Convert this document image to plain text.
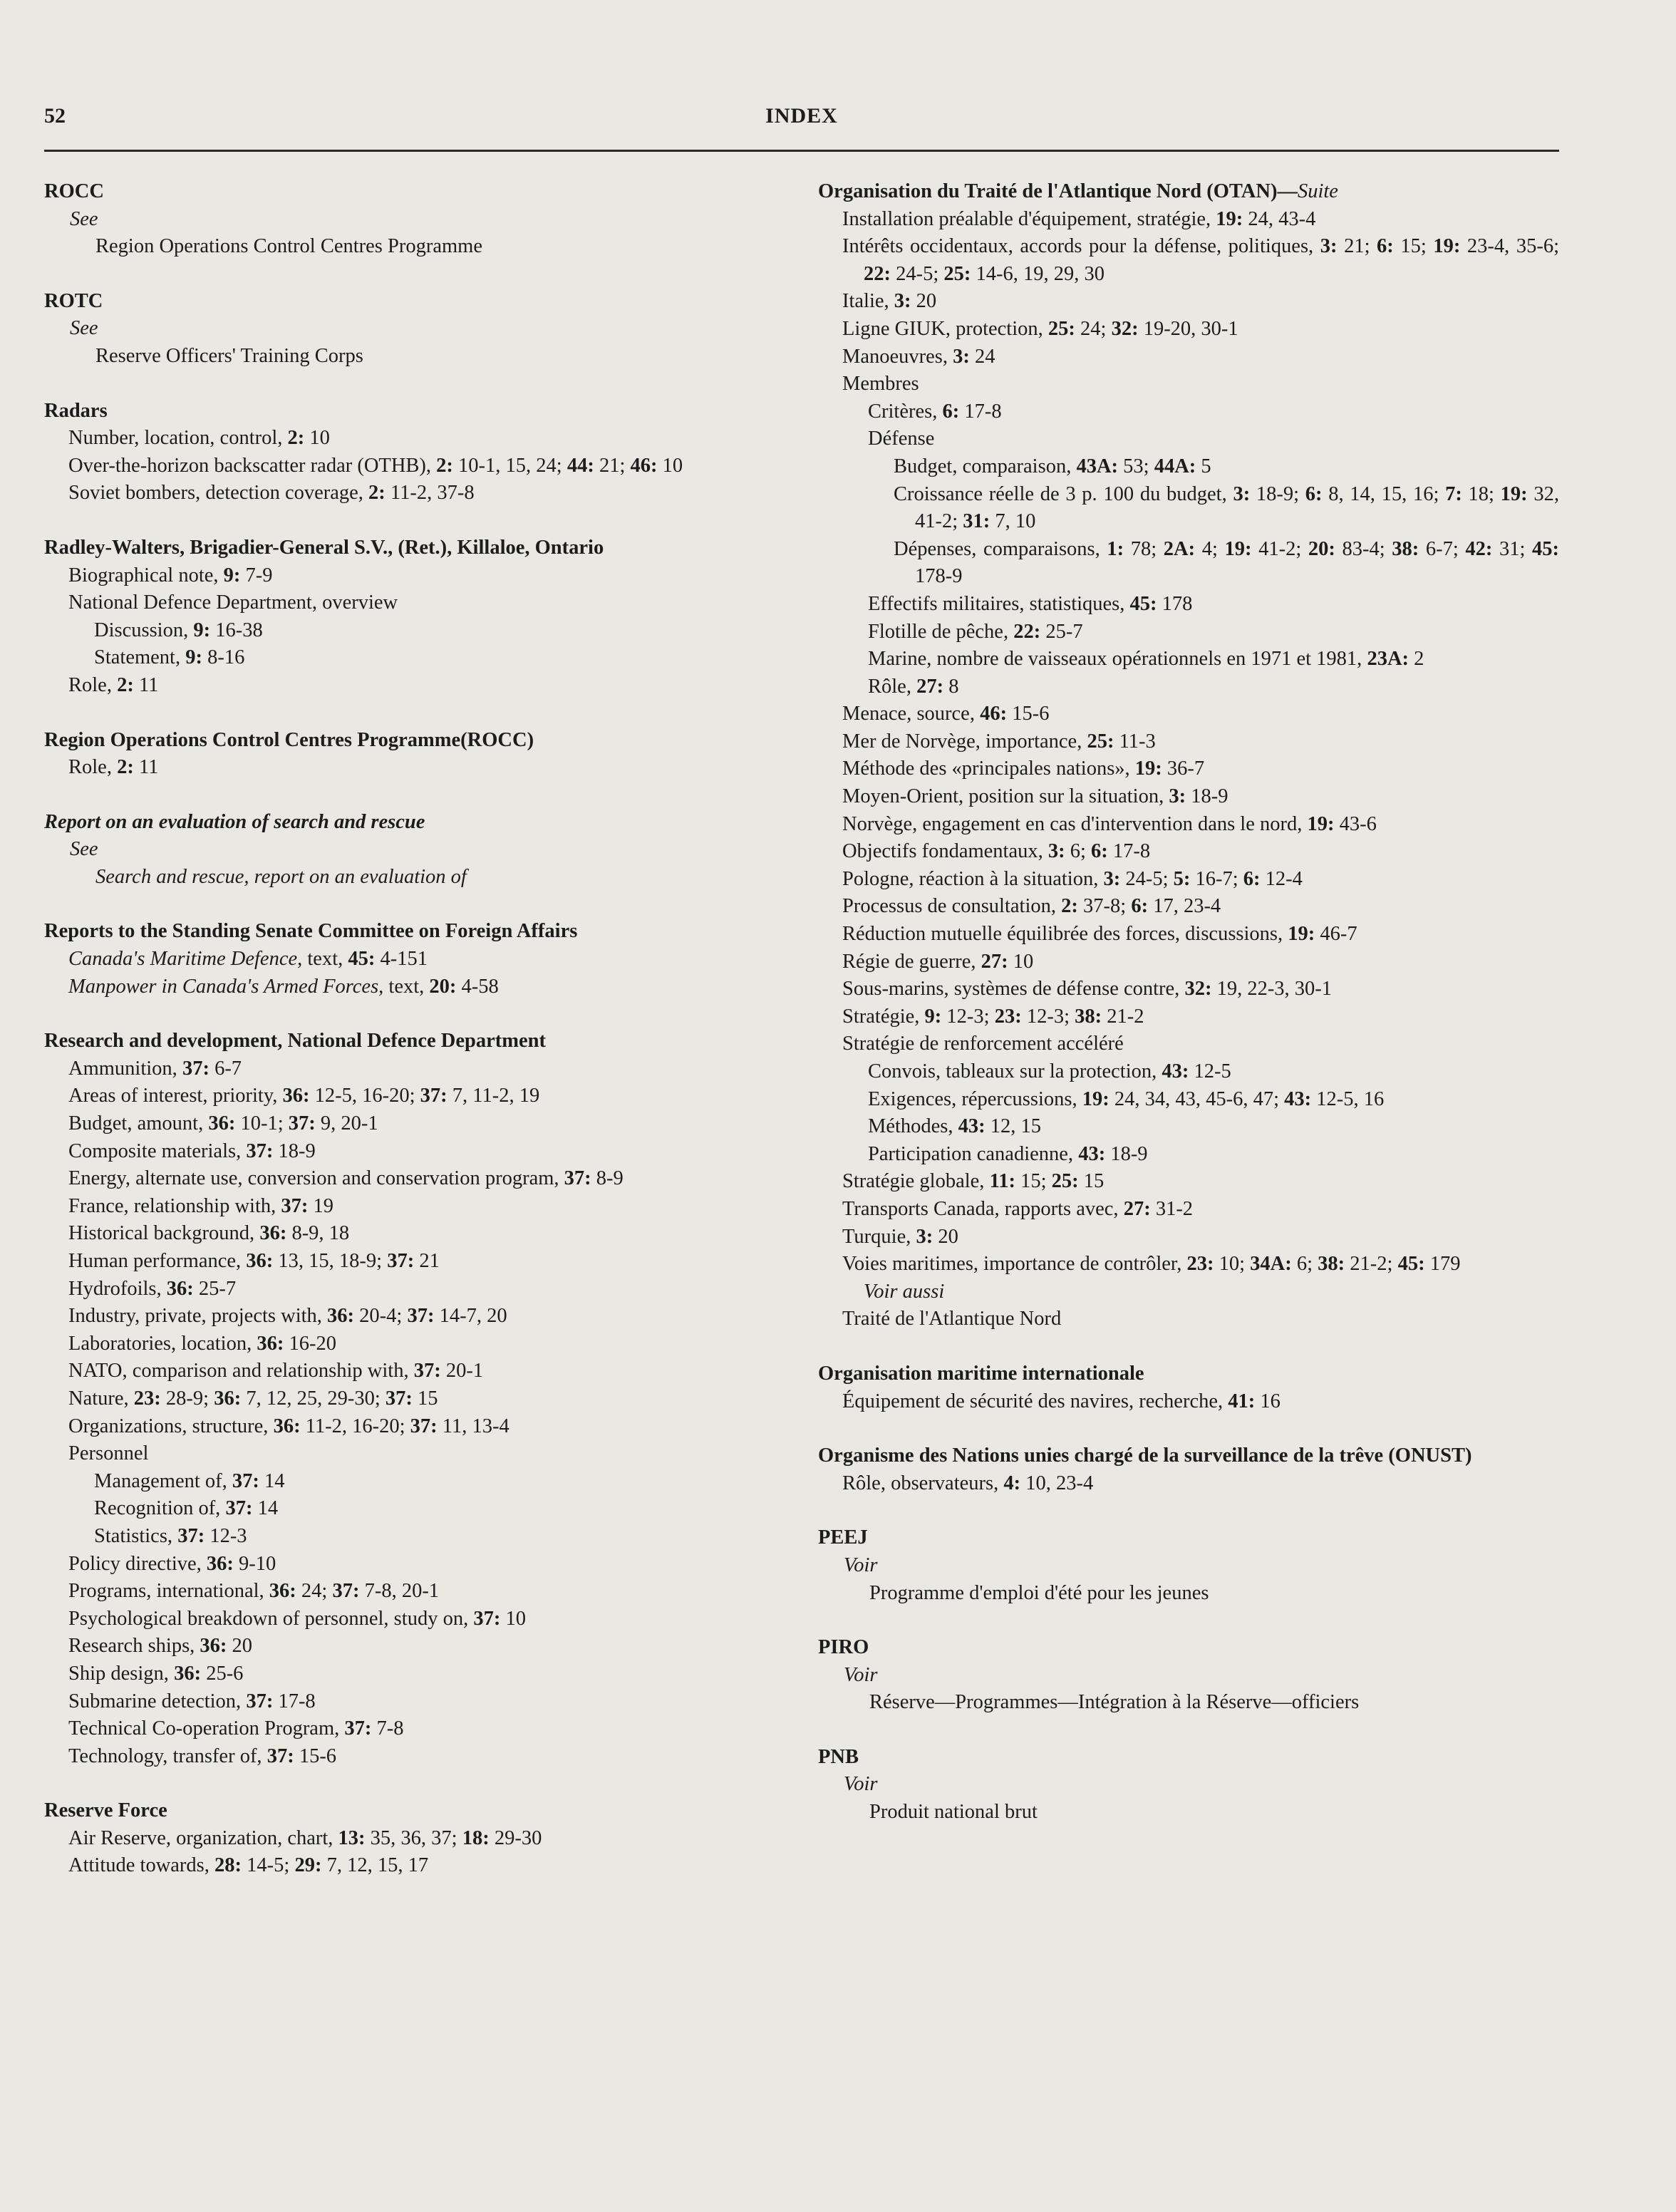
52	INDEX
ROCC
See
Region Operations Control Centres Programme
ROTC
See
Reserve Officers' Training Corps
Radars
Number, location, control, 2: 10
Over-the-horizon backscatter radar (OTHB), 2: 10-1, 15, 24; 44: 21; 46: 10
Soviet bombers, detection coverage, 2: 11-2, 37-8
Radley-Walters, Brigadier-General S.V., (Ret.), Killaloe, Ontario
Biographical note, 9: 7-9
National Defence Department, overview
Discussion, 9: 16-38
Statement, 9: 8-16
Role, 2: 11
Region Operations Control Centres Programme(ROCC)
Role, 2: 11
Report on an evaluation of search and rescue
See
Search and rescue, report on an evaluation of
Reports to the Standing Senate Committee on Foreign Affairs
Canada's Maritime Defence, text, 45: 4-151
Manpower in Canada's Armed Forces, text, 20: 4-58
Research and development, National Defence Department
Ammunition, 37: 6-7
Areas of interest, priority, 36: 12-5, 16-20; 37: 7, 11-2, 19
Budget, amount, 36: 10-1; 37: 9, 20-1
Composite materials, 37: 18-9
Energy, alternate use, conversion and conservation program, 37: 8-9
France, relationship with, 37: 19
Historical background, 36: 8-9, 18
Human performance, 36: 13, 15, 18-9; 37: 21
Hydrofoils, 36: 25-7
Industry, private, projects with, 36: 20-4; 37: 14-7, 20
Laboratories, location, 36: 16-20
NATO, comparison and relationship with, 37: 20-1
Nature, 23: 28-9; 36: 7, 12, 25, 29-30; 37: 15
Organizations, structure, 36: 11-2, 16-20; 37: 11, 13-4
Personnel
Management of, 37: 14
Recognition of, 37: 14
Statistics, 37: 12-3
Policy directive, 36: 9-10
Programs, international, 36: 24; 37: 7-8, 20-1
Psychological breakdown of personnel, study on, 37: 10
Research ships, 36: 20
Ship design, 36: 25-6
Submarine detection, 37: 17-8
Technical Co-operation Program, 37: 7-8
Technology, transfer of, 37: 15-6
Reserve Force
Air Reserve, organization, chart, 13: 35, 36, 37; 18: 29-30
Attitude towards, 28: 14-5; 29: 7, 12, 15, 17
Organisation du Traité de l'Atlantique Nord (OTAN)—Suite
Installation préalable d'équipement, stratégie, 19: 24, 43-4
Intérêts occidentaux, accords pour la défense, politiques, 3: 21; 6: 15; 19: 23-4, 35-6; 22: 24-5; 25: 14-6, 19, 29, 30
Italie, 3: 20
Ligne GIUK, protection, 25: 24; 32: 19-20, 30-1
Manoeuvres, 3: 24
Membres
Critères, 6: 17-8
Défense
Budget, comparaison, 43A: 53; 44A: 5
Croissance réelle de 3 p. 100 du budget, 3: 18-9; 6: 8, 14, 15, 16; 7: 18; 19: 32, 41-2; 31: 7, 10
Dépenses, comparaisons, 1: 78; 2A: 4; 19: 41-2; 20: 83-4; 38: 6-7; 42: 31; 45: 178-9
Effectifs militaires, statistiques, 45: 178
Flotille de pêche, 22: 25-7
Marine, nombre de vaisseaux opérationnels en 1971 et 1981, 23A: 2
Rôle, 27: 8
Menace, source, 46: 15-6
Mer de Norvège, importance, 25: 11-3
Méthode des «principales nations», 19: 36-7
Moyen-Orient, position sur la situation, 3: 18-9
Norvège, engagement en cas d'intervention dans le nord, 19: 43-6
Objectifs fondamentaux, 3: 6; 6: 17-8
Pologne, réaction à la situation, 3: 24-5; 5: 16-7; 6: 12-4
Processus de consultation, 2: 37-8; 6: 17, 23-4
Réduction mutuelle équilibrée des forces, discussions, 19: 46-7
Régie de guerre, 27: 10
Sous-marins, systèmes de défense contre, 32: 19, 22-3, 30-1
Stratégie, 9: 12-3; 23: 12-3; 38: 21-2
Stratégie de renforcement accéléré
Convois, tableaux sur la protection, 43: 12-5
Exigences, répercussions, 19: 24, 34, 43, 45-6, 47; 43: 12-5, 16
Méthodes, 43: 12, 15
Participation canadienne, 43: 18-9
Stratégie globale, 11: 15; 25: 15
Transports Canada, rapports avec, 27: 31-2
Turquie, 3: 20
Voies maritimes, importance de contrôler, 23: 10; 34A: 6; 38: 21-2; 45: 179
Voir aussi
Traité de l'Atlantique Nord
Organisation maritime internationale
Équipement de sécurité des navires, recherche, 41: 16
Organisme des Nations unies chargé de la surveillance de la trêve (ONUST)
Rôle, observateurs, 4: 10, 23-4
PEEJ
Voir
Programme d'emploi d'été pour les jeunes
PIRO
Voir
Réserve—Programmes—Intégration à la Réserve—officiers
PNB
Voir
Produit national brut
